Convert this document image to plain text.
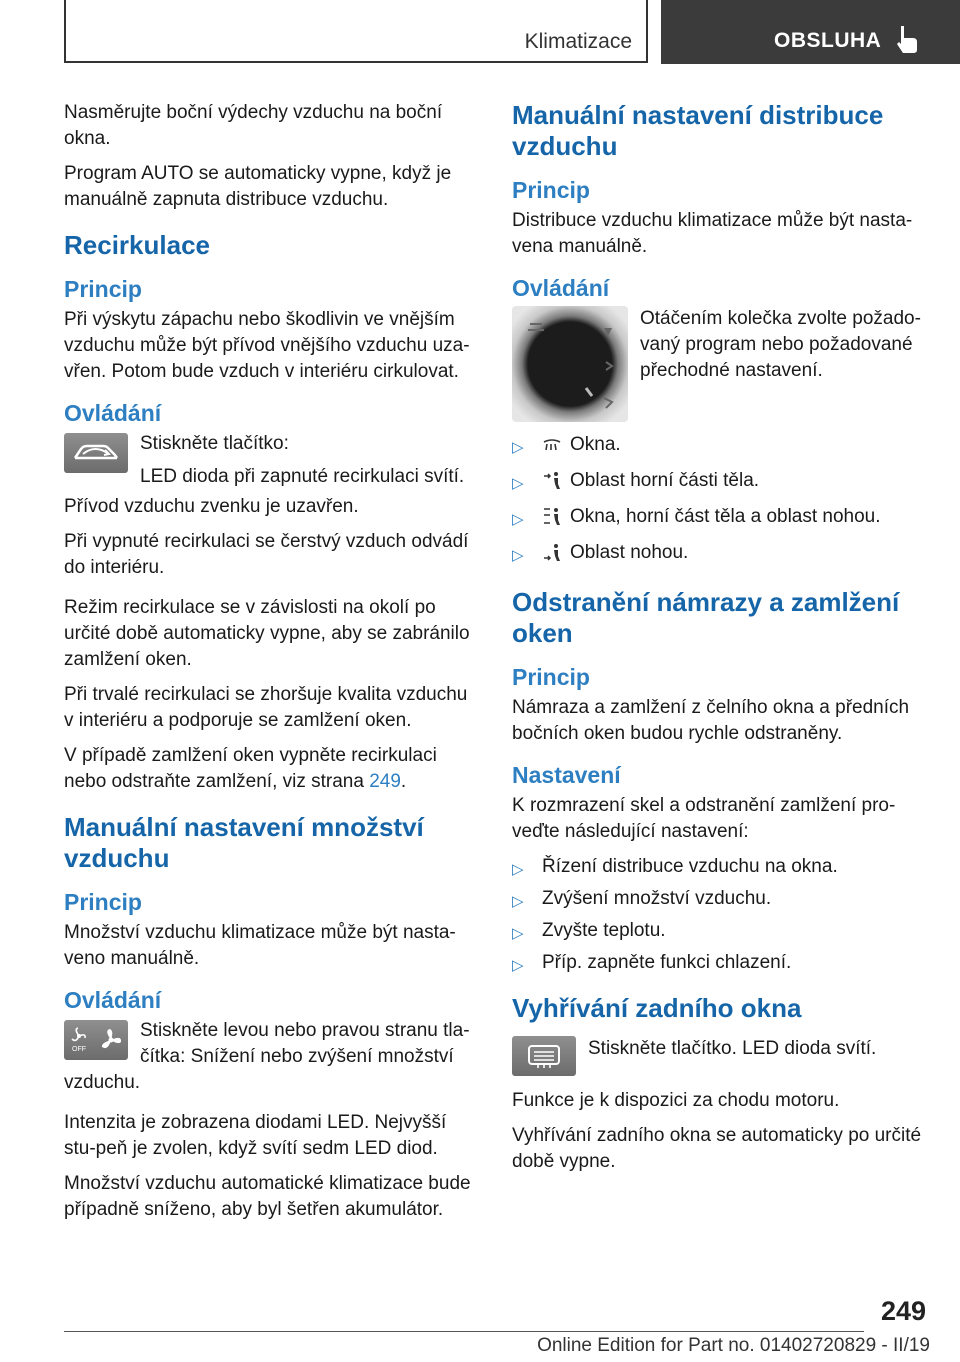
Klimatizace	OBSLUHA

Nasměrujte boční výdechy vzduchu na boční okna.

Program AUTO se automaticky vypne, když je manuálně zapnuta distribuce vzduchu.

Recirkulace
Princip

Při výskytu zápachu nebo škodlivin ve vnějším vzduchu může být přívod vnějšího vzduchu uza-vřen. Potom bude vzduch v interiéru cirkulovat.

Ovládání

Stiskněte tlačítko:

LED dioda při zapnuté recirkulaci svítí.

Přívod vzduchu zvenku je uzavřen.

Při vypnuté recirkulaci se čerstvý vzduch odvádí do interiéru.

Režim recirkulace se v závislosti na okolí po určité době automaticky vypne, aby se zabránilo zamlžení oken.

Při trvalé recirkulaci se zhoršuje kvalita vzduchu v interiéru a podporuje se zamlžení oken.

V případě zamlžení oken vypněte recirkulaci nebo odstraňte zamlžení, viz strana 249.

Manuální nastavení množství vzduchu
Princip

Množství vzduchu klimatizace může být nasta-veno manuálně.

Ovládání
OFF

Stiskněte levou nebo pravou stranu tla-čítka: Snížení nebo zvýšení množství

vzduchu.

Intenzita je zobrazena diodami LED. Nejvyšší stu-peň je zvolen, když svítí sedm LED diod.

Množství vzduchu automatické klimatizace bude případně sníženo, aby byl šetřen akumulátor.

Manuální nastavení distribuce vzduchu
Princip

Distribuce vzduchu klimatizace může být nasta-vena manuálně.

Ovládání

Otáčením kolečka zvolte požado-vaný program nebo požadované přechodné nastavení.

▷ Okna.
▷ Oblast horní části těla.
▷ Okna, horní část těla a oblast nohou.
▷ Oblast nohou.
Odstranění námrazy a zamlžení oken
Princip

Námraza a zamlžení z čelního okna a předních bočních oken budou rychle odstraněny.

Nastavení

K rozmrazení skel a odstranění zamlžení pro-veďte následující nastavení:

▷ Řízení distribuce vzduchu na okna.
▷ Zvýšení množství vzduchu.
▷ Zvyšte teplotu.
▷ Příp. zapněte funkci chlazení.
Vyhřívání zadního okna

Stiskněte tlačítko. LED dioda svítí.

Funkce je k dispozici za chodu motoru.

Vyhřívání zadního okna se automaticky po určité době vypne.

249
Online Edition for Part no. 01402720829 - II/19
